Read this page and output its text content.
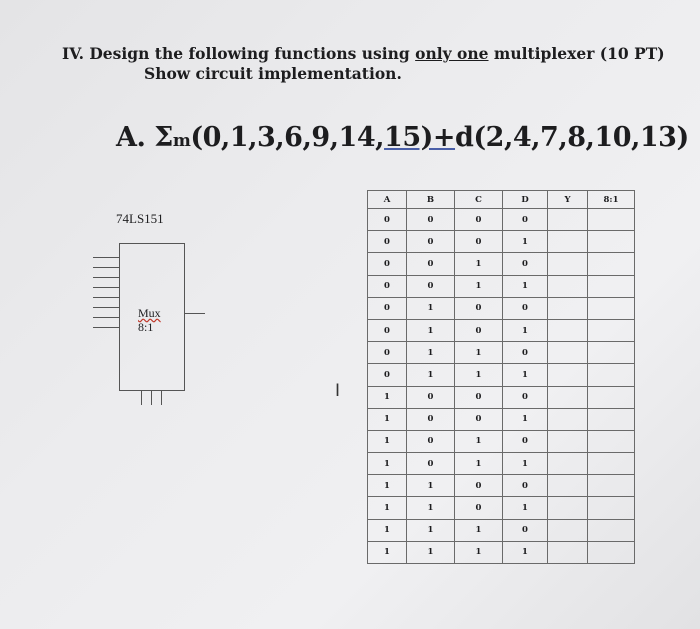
IV. Design the following functions using only one multiplexer (10 PT)
Show circuit implementation.
A. Σm(0,1,3,6,9,14,15)+d(2,4,7,8,10,13)
74LS151
Mux
8:1
I
A	B	C	D	Y	8:1
0	0	0	0		
0	0	0	1		
0	0	1	0		
0	0	1	1		
0	1	0	0		
0	1	0	1		
0	1	1	0		
0	1	1	1		
1	0	0	0		
1	0	0	1		
1	0	1	0		
1	0	1	1		
1	1	0	0		
1	1	0	1		
1	1	1	0		
1	1	1	1		
